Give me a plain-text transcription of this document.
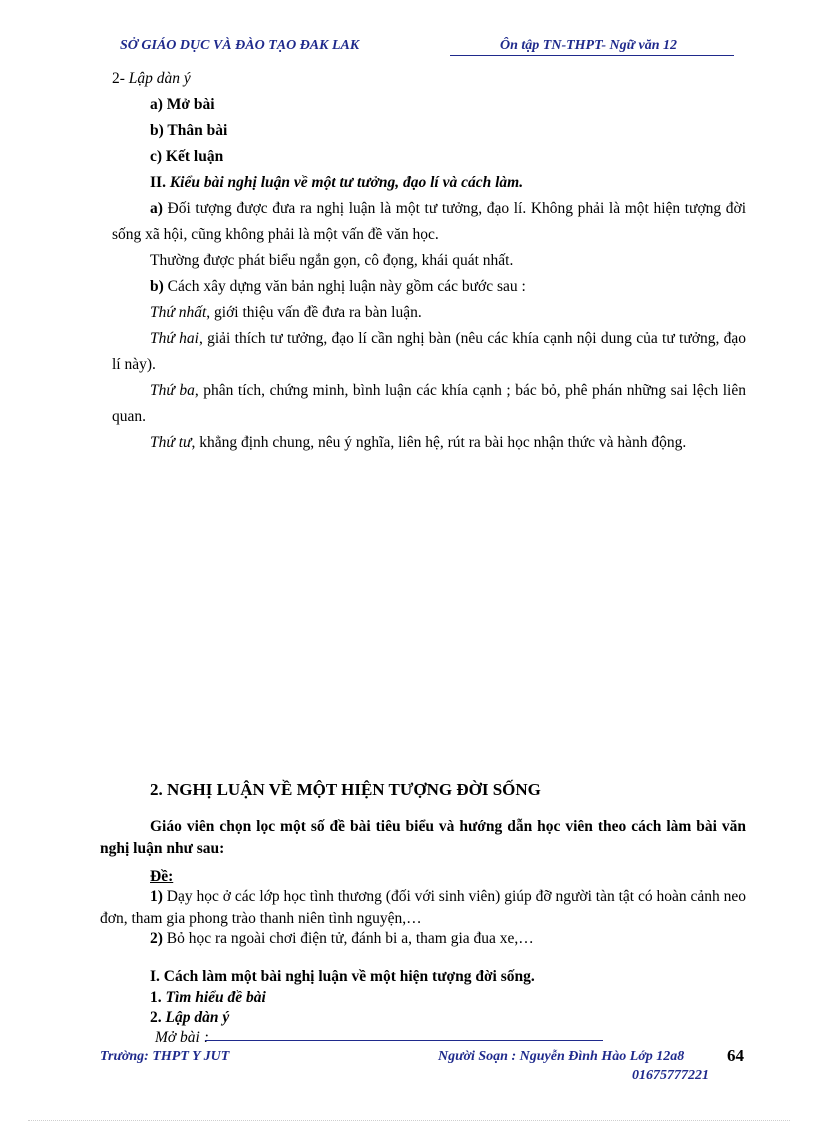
SỞ GIÁO DỤC VÀ ĐÀO TẠO ĐAK LAK	Ôn tập TN-THPT- Ngữ văn 12
2- Lập dàn ý
a) Mở bài
b) Thân bài
c) Kết luận
II. Kiểu bài nghị luận về một tư tưởng, đạo lí và cách làm.
a) Đối tượng được đưa ra nghị luận là một tư tưởng, đạo lí. Không phải là một hiện tượng đời sống xã hội, cũng không phải là một vấn đề văn học.
Thường được phát biểu ngắn gọn, cô đọng, khái quát nhất.
b) Cách xây dựng văn bản nghị luận này gồm các bước sau :
Thứ nhất, giới thiệu vấn đề đưa ra bàn luận.
Thứ hai, giải thích tư tưởng, đạo lí cần nghị bàn (nêu các khía cạnh nội dung của tư tưởng, đạo lí này).
Thứ ba, phân tích, chứng minh, bình luận các khía cạnh ; bác bỏ, phê phán những sai lệch liên quan.
Thứ tư, khẳng định chung, nêu ý nghĩa, liên hệ, rút ra bài học nhận thức và hành động.
2. NGHỊ LUẬN VỀ MỘT HIỆN TƯỢNG ĐỜI SỐNG
Giáo viên chọn lọc một số đề bài tiêu biểu và hướng dẫn học viên theo cách làm bài văn nghị luận như sau:
Đề:
1) Dạy học ở các lớp học tình thương (đối với sinh viên) giúp đỡ người tàn tật có hoàn cảnh neo đơn, tham gia phong trào thanh niên tình nguyện,…
2) Bỏ học ra ngoài chơi điện tử, đánh bi a, tham gia đua xe,…
I. Cách làm một bài nghị luận về một hiện tượng đời sống.
1. Tìm hiểu đề bài
2. Lập dàn ý
Mở bài :
Trường: THPT Y JUT	Người Soạn : Nguyễn Đình Hào Lớp 12a8	64
01675777221
